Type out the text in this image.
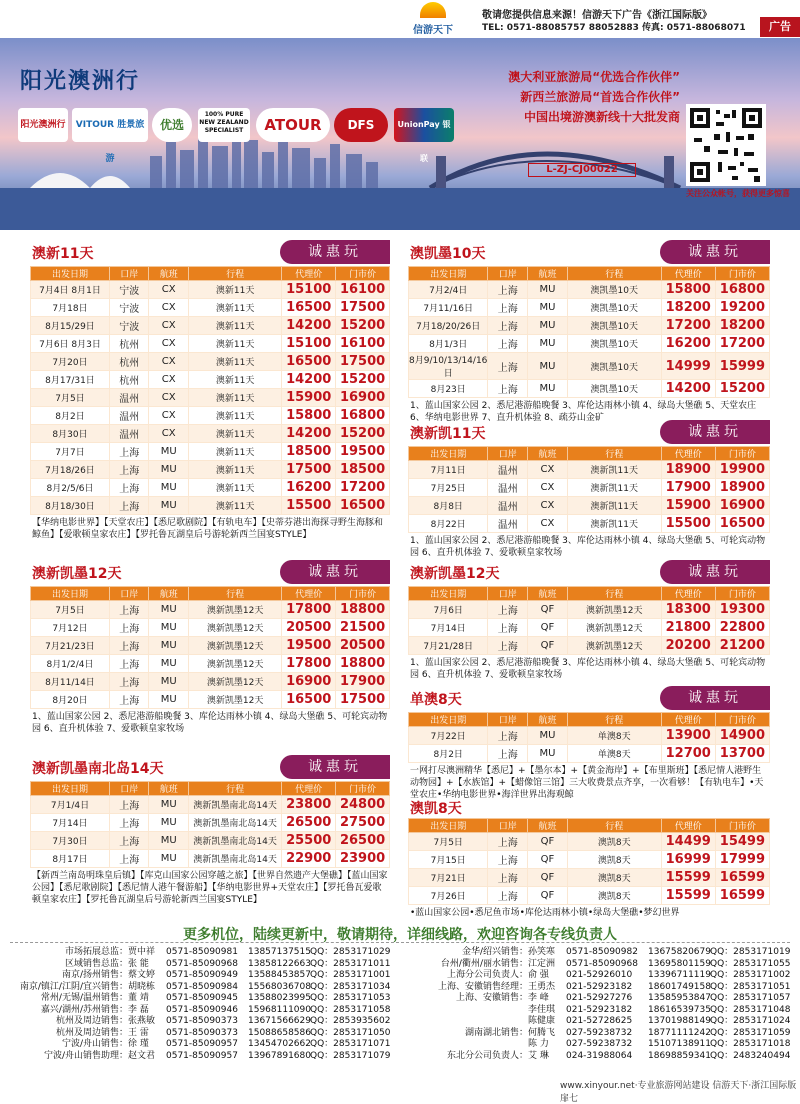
信游天下
敬请您提供信息来源！信游天下广告《浙江国际版》
TEL: 0571-88085757 88052883 传真: 0571-88068071	广告
阳光澳洲行
阳光澳洲行	VITOUR 胜景旅游
优选
100% PURE NEW ZEALAND SPECIALIST	ATOUR	DFS	UnionPay 银联
澳大利亚旅游局“优选合作伙伴”
新西兰旅游局“首选合作伙伴”
中国出境游澳新线十大批发商
L-ZJ-CJ00022
关注公众帐号，获得更多惊喜
澳新11天	诚惠玩
出发日期	口岸	航班	行程	代理价	门市价
7月4日 8月1日	宁波	CX	澳新11天	15100	16100
7月18日	宁波	CX	澳新11天	16500	17500
8月15/29日	宁波	CX	澳新11天	14200	15200
7月6日 8月3日	杭州	CX	澳新11天	15100	16100
7月20日	杭州	CX	澳新11天	16500	17500
8月17/31日	杭州	CX	澳新11天	14200	15200
7月5日	温州	CX	澳新11天	15900	16900
8月2日	温州	CX	澳新11天	15800	16800
8月30日	温州	CX	澳新11天	14200	15200
7月7日	上海	MU	澳新11天	18500	19500
7月18/26日	上海	MU	澳新11天	17500	18500
8月2/5/6日	上海	MU	澳新11天	16200	17200
8月18/30日	上海	MU	澳新11天	15500	16500
【华纳电影世界】【天堂农庄】【悉尼歌剧院】【有轨电车】【史蒂芬港出海探寻野生海豚和鲸鱼】【爱歌顿皇家农庄】【罗托鲁瓦湖皇后号游轮新西兰国宴STYLE】
澳新凯墨12天	诚惠玩
出发日期	口岸	航班	行程	代理价	门市价
7月5日	上海	MU	澳新凯墨12天	17800	18800
7月12日	上海	MU	澳新凯墨12天	20500	21500
7月21/23日	上海	MU	澳新凯墨12天	19500	20500
8月1/2/4日	上海	MU	澳新凯墨12天	17800	18800
8月11/14日	上海	MU	澳新凯墨12天	16900	17900
8月20日	上海	MU	澳新凯墨12天	16500	17500
1、蓝山国家公园 2、悉尼港游船晚餐 3、库伦达雨林小镇 4、绿岛大堡礁 5、可轮宾动物园 6、直升机体验 7、爱歌顿皇家牧场
澳新凯墨南北岛14天	诚惠玩
出发日期	口岸	航班	行程	代理价	门市价
7月1/4日	上海	MU	澳新凯墨南北岛14天	23800	24800
7月14日	上海	MU	澳新凯墨南北岛14天	26500	27500
7月30日	上海	MU	澳新凯墨南北岛14天	25500	26500
8月17日	上海	MU	澳新凯墨南北岛14天	22900	23900
【新西兰南岛明珠皇后镇】【库克山国家公园穿越之旅】【世界自然遗产大堡礁】【蓝山国家公园】【悉尼歌剧院】【悉尼情人港午餐游船】【华纳电影世界+天堂农庄】【罗托鲁瓦爱歌顿皇家农庄】【罗托鲁瓦湖皇后号游轮新西兰国宴STYLE】
澳凯墨10天	诚惠玩
出发日期	口岸	航班	行程	代理价	门市价
7月2/4日	上海	MU	澳凯墨10天	15800	16800
7月11/16日	上海	MU	澳凯墨10天	18200	19200
7月18/20/26日	上海	MU	澳凯墨10天	17200	18200
8月1/3日	上海	MU	澳凯墨10天	16200	17200
8月9/10/13/14/16日	上海	MU	澳凯墨10天	14999	15999
8月23日	上海	MU	澳凯墨10天	14200	15200
1、蓝山国家公园 2、悉尼港游船晚餐 3、库伦达雨林小镇 4、绿岛大堡礁 5、天堂农庄 6、华纳电影世界 7、直升机体验 8、疏芬山金矿
澳新凯11天	诚惠玩
出发日期	口岸	航班	行程	代理价	门市价
7月11日	温州	CX	澳新凯11天	18900	19900
7月25日	温州	CX	澳新凯11天	17900	18900
8月8日	温州	CX	澳新凯11天	15900	16900
8月22日	温州	CX	澳新凯11天	15500	16500
1、蓝山国家公园 2、悉尼港游船晚餐 3、库伦达雨林小镇 4、绿岛大堡礁 5、可轮宾动物园 6、直升机体验 7、爱歌顿皇家牧场
澳新凯墨12天	诚惠玩
出发日期	口岸	航班	行程	代理价	门市价
7月6日	上海	QF	澳新凯墨12天	18300	19300
7月14日	上海	QF	澳新凯墨12天	21800	22800
7月21/28日	上海	QF	澳新凯墨12天	20200	21200
1、蓝山国家公园 2、悉尼港游船晚餐 3、库伦达雨林小镇 4、绿岛大堡礁 5、可轮宾动物园 6、直升机体验 7、爱歌顿皇家牧场
单澳8天	诚惠玩
出发日期	口岸	航班	行程	代理价	门市价
7月22日	上海	MU	单澳8天	13900	14900
8月2日	上海	MU	单澳8天	12700	13700
一网打尽澳洲精华【悉尼】+【墨尔本】+【黄金海岸】+【布里斯班】【悉尼情人港野生动物园】+【水族馆】+【蜡像馆三馆】三大收费景点齐享，一次看够！【有轨电车】•天堂农庄•华纳电影世界•海洋世界出海观鲸
澳凯8天
出发日期	口岸	航班	行程	代理价	门市价
7月5日	上海	QF	澳凯8天	14499	15499
7月15日	上海	QF	澳凯8天	16999	17999
7月21日	上海	QF	澳凯8天	15599	16599
7月26日	上海	QF	澳凯8天	15599	16599
•蓝山国家公园•悉尼鱼市场•库伦达雨林小镇•绿岛大堡礁•梦幻世界
更多机位，陆续更新中，敬请期待，详细线路，欢迎咨询各专线负责人
市场拓展总监：贾中祥 0571-85090981 13857137515QQ：2853171029
区域销售总监：张 能 0571-85090968 13858122663QQ：2853171011
南京/扬州销售：蔡文婷 0571-85090949 13588453857QQ：2853171001
南京/镇江/江阴/宜兴销售：胡晓栋 0571-85090984 15568036708QQ：2853171034
常州/无锡/温州销售：董 靖 0571-85090945 13588023995QQ：2853171053
嘉兴/湖州/苏州销售：李 磊 0571-85090946 15968111090QQ：2853171058
杭州及周边销售：张燕敏 0571-85090373 13671566629QQ：2853935602
杭州及周边销售：王 雷 0571-85090373 15088658586QQ：2853171050
宁波/舟山销售：徐 瑾 0571-85090957 13454702662QQ：2853171071
宁波/舟山销售助理：赵文君 0571-85090957 13967891680QQ：2853171079
金华/绍兴销售：孙笑寒 0571-85090982 13675820679QQ：2853171019
台州/衢州/丽水销售：江定洲 0571-85090968 13695801159QQ：2853171055
上海分公司负责人：俞 强 021-52926010 13396711119QQ：2853171002
上海、安徽销售经理：王勇杰 021-52923182 18601749158QQ：2853171051
上海、安徽销售：李 峰 021-52927276 13585953847QQ：2853171057
李佳琪 021-52923182 18616539735QQ：2853171048
陈健康 021-52728625 13701988149QQ：2853171024
湖南湖北销售：何腾飞 027-59238732 18771111242QQ：2853171059
陈 力 027-59238732 15107138911QQ：2853171018
东北分公司负责人：艾 琳 024-31988064 18698859341QQ：2483240494
www.xinyour.net·专业旅游网站建设 信游天下·浙江国际版 扉七
